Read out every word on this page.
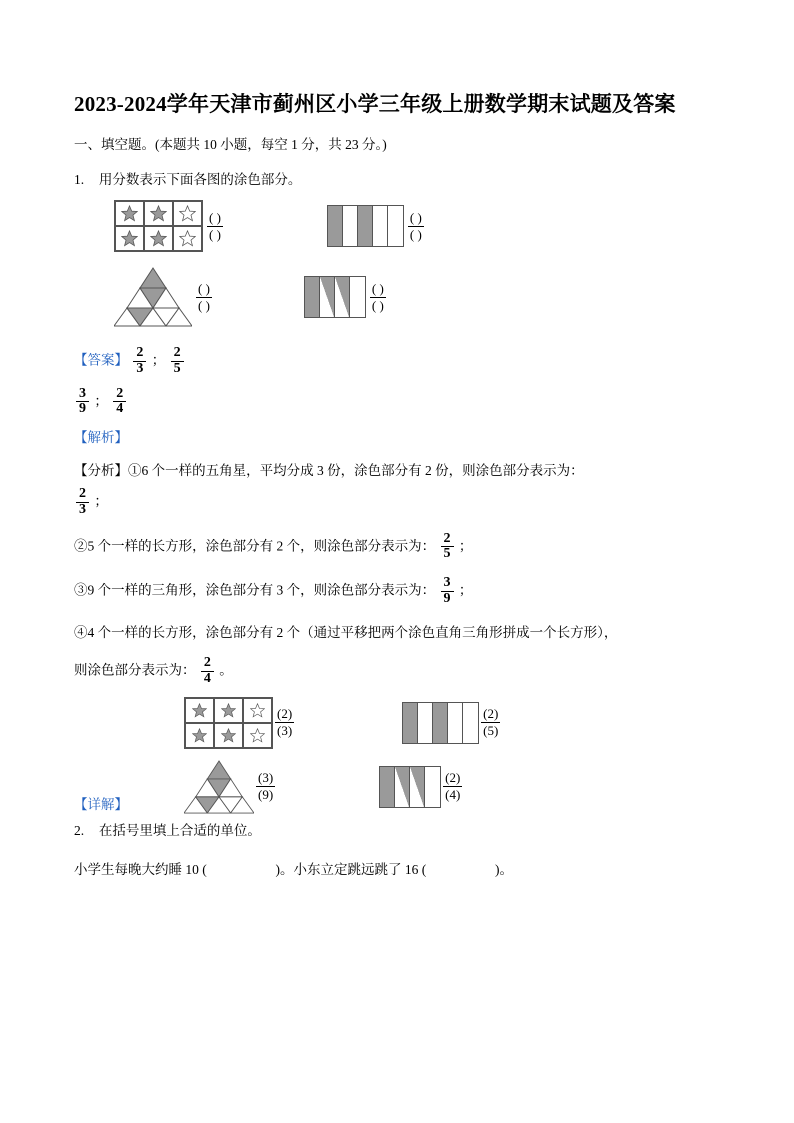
2023-2024学年天津市蓟州区小学三年级上册数学期末试题及答案
一、填空题。(本题共 10 小题，每空 1 分，共 23 分。)
1. 用分数表示下面各图的涂色部分。
$\frac{( )}{( )}$	$\frac{( )}{( )}$
$\frac{( )}{( )}$	$\frac{( )}{( )}$
【答案】 $\frac{2}{3}$ ； $\frac{2}{5}$
$\frac{3}{9}$ ； $\frac{2}{4}$
【解析】
【分析】①6 个一样的五角星，平均分成 3 份，涂色部分有 2 份，则涂色部分表示为：
$\frac{2}{3}$ ；
②5 个一样的长方形，涂色部分有 2 个，则涂色部分表示为： $\frac{2}{5}$ ；
③9 个一样的三角形，涂色部分有 3 个，则涂色部分表示为： $\frac{3}{9}$ ；
④4 个一样的长方形，涂色部分有 2 个（通过平移把两个涂色直角三角形拼成一个长方形），
则涂色部分表示为： $\frac{2}{4}$ 。
$\frac{(2)}{(3)}$	$\frac{(2)}{(5)}$
$\frac{(3)}{(9)}$	$\frac{(2)}{(4)}$
【详解】
2. 在括号里填上合适的单位。
小学生每晚大约睡 10 (	)。小东立定跳远跳了 16 (	)。
